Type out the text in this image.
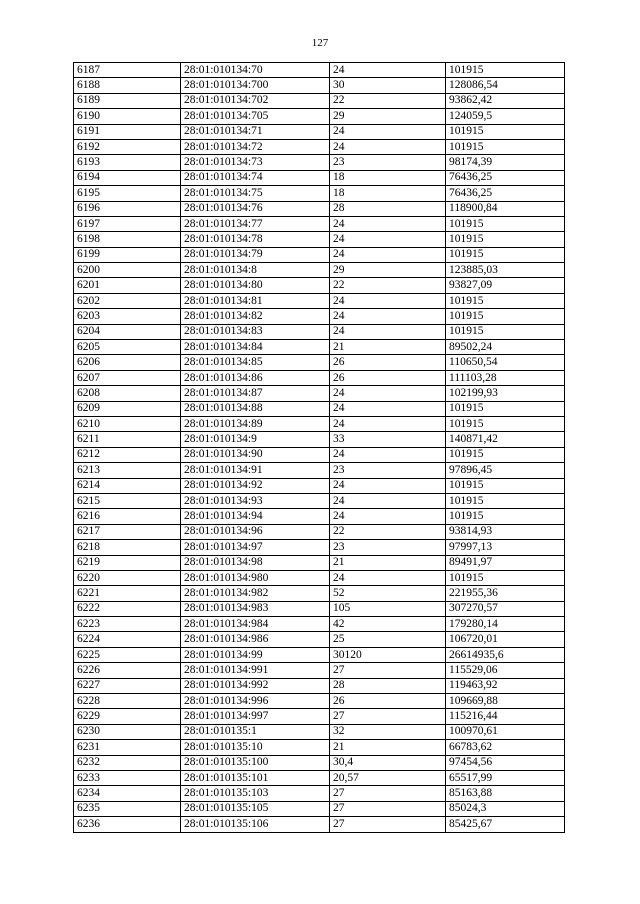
127
6187	28:01:010134:70	24	101915
6188	28:01:010134:700	30	128086,54
6189	28:01:010134:702	22	93862,42
6190	28:01:010134:705	29	124059,5
6191	28:01:010134:71	24	101915
6192	28:01:010134:72	24	101915
6193	28:01:010134:73	23	98174,39
6194	28:01:010134:74	18	76436,25
6195	28:01:010134:75	18	76436,25
6196	28:01:010134:76	28	118900,84
6197	28:01:010134:77	24	101915
6198	28:01:010134:78	24	101915
6199	28:01:010134:79	24	101915
6200	28:01:010134:8	29	123885,03
6201	28:01:010134:80	22	93827,09
6202	28:01:010134:81	24	101915
6203	28:01:010134:82	24	101915
6204	28:01:010134:83	24	101915
6205	28:01:010134:84	21	89502,24
6206	28:01:010134:85	26	110650,54
6207	28:01:010134:86	26	111103,28
6208	28:01:010134:87	24	102199,93
6209	28:01:010134:88	24	101915
6210	28:01:010134:89	24	101915
6211	28:01:010134:9	33	140871,42
6212	28:01:010134:90	24	101915
6213	28:01:010134:91	23	97896,45
6214	28:01:010134:92	24	101915
6215	28:01:010134:93	24	101915
6216	28:01:010134:94	24	101915
6217	28:01:010134:96	22	93814,93
6218	28:01:010134:97	23	97997,13
6219	28:01:010134:98	21	89491,97
6220	28:01:010134:980	24	101915
6221	28:01:010134:982	52	221955,36
6222	28:01:010134:983	105	307270,57
6223	28:01:010134:984	42	179280,14
6224	28:01:010134:986	25	106720,01
6225	28:01:010134:99	30120	26614935,6
6226	28:01:010134:991	27	115529,06
6227	28:01:010134:992	28	119463,92
6228	28:01:010134:996	26	109669,88
6229	28:01:010134:997	27	115216,44
6230	28:01:010135:1	32	100970,61
6231	28:01:010135:10	21	66783,62
6232	28:01:010135:100	30,4	97454,56
6233	28:01:010135:101	20,57	65517,99
6234	28:01:010135:103	27	85163,88
6235	28:01:010135:105	27	85024,3
6236	28:01:010135:106	27	85425,67
